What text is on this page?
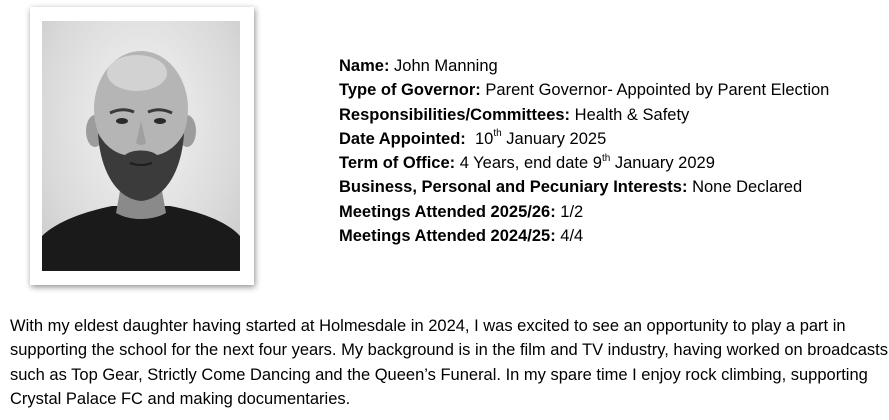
Name: John Manning
Type of Governor: Parent Governor- Appointed by Parent Election
Responsibilities/Committees: Health & Safety
Date Appointed: 10th January 2025
Term of Office: 4 Years, end date 9th January 2029
Business, Personal and Pecuniary Interests: None Declared
Meetings Attended 2025/26: 1/2
Meetings Attended 2024/25: 4/4
With my eldest daughter having started at Holmesdale in 2024, I was excited to see an opportunity to play a part in supporting the school for the next four years. My background is in the film and TV industry, having worked on broadcasts such as Top Gear, Strictly Come Dancing and the Queen’s Funeral. In my spare time I enjoy rock climbing, supporting Crystal Palace FC and making documentaries.
